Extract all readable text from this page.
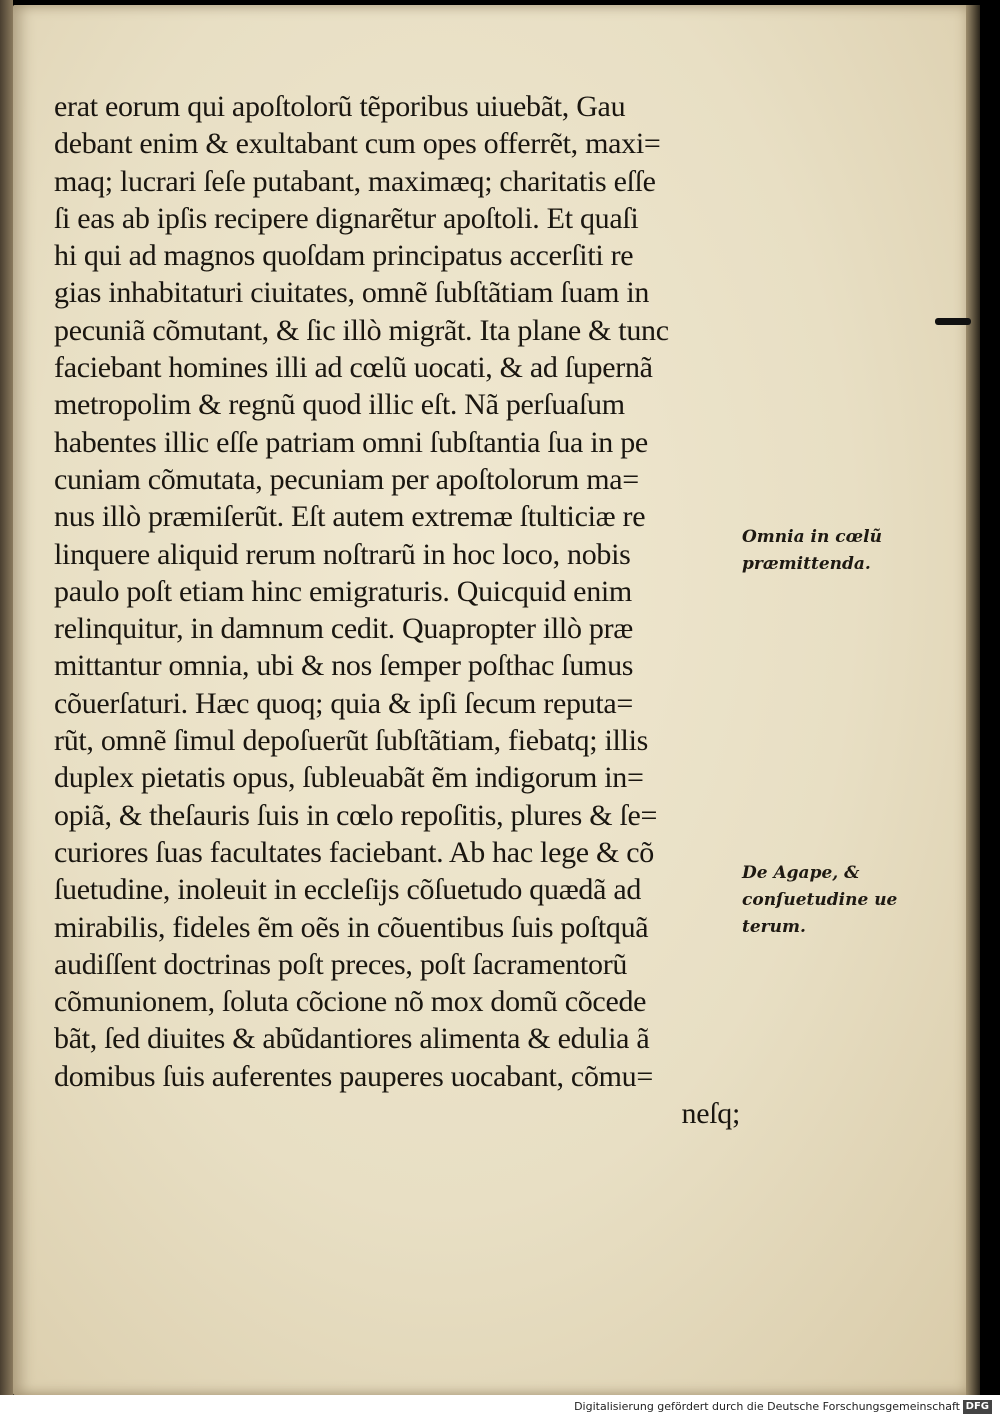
erat eorum qui apoſtolorũ tẽporibus uiuebãt, Gau
debant enim & exultabant cum opes offerrẽt, maxi=
maq; lucrari ſeſe putabant, maximæq; charitatis eſſe
ſi eas ab ipſis recipere dignarẽtur apoſtoli. Et quaſi
hi qui ad magnos quoſdam principatus accerſiti re
gias inhabitaturi ciuitates, omnẽ ſubſtãtiam ſuam in
pecuniã cõmutant, & ſic illò migrãt. Ita plane & tunc
faciebant homines illi ad cœlũ uocati, & ad ſupernã
metropolim & regnũ quod illic eſt. Nã perſuaſum
habentes illic eſſe patriam omni ſubſtantia ſua in pe
cuniam cõmutata, pecuniam per apoſtolorum ma=
nus illò præmiſerũt. Eſt autem extremæ ſtulticiæ re
linquere aliquid rerum noſtrarũ in hoc loco, nobis
paulo poſt etiam hinc emigraturis. Quicquid enim
relinquitur, in damnum cedit. Quapropter illò præ
mittantur omnia, ubi & nos ſemper poſthac ſumus
cõuerſaturi. Hæc quoq; quia & ipſi ſecum reputa=
rũt, omnẽ ſimul depoſuerũt ſubſtãtiam, fiebatq; illis
duplex pietatis opus, ſubleuabãt ẽm indigorum in=
opiã, & theſauris ſuis in cœlo repoſitis, plures & ſe=
curiores ſuas facultates faciebant. Ab hac lege & cõ
ſuetudine, inoleuit in eccleſijs cõſuetudo quædã ad
mirabilis, fideles ẽm oẽs in cõuentibus ſuis poſtquã
audiſſent doctrinas poſt preces, poſt ſacramentorũ
cõmunionem, ſoluta cõcione nõ mox domũ cõcede
bãt, ſed diuites & abũdantiores alimenta & edulia ã
domibus ſuis auferentes pauperes uocabant, cõmu=
neſq;
Omnia in cœlũ
præmittenda.
De Agape, &
conſuetudine ue
terum.
Digitalisierung gefördert durch die Deutsche Forschungsgemeinschaft DFG
